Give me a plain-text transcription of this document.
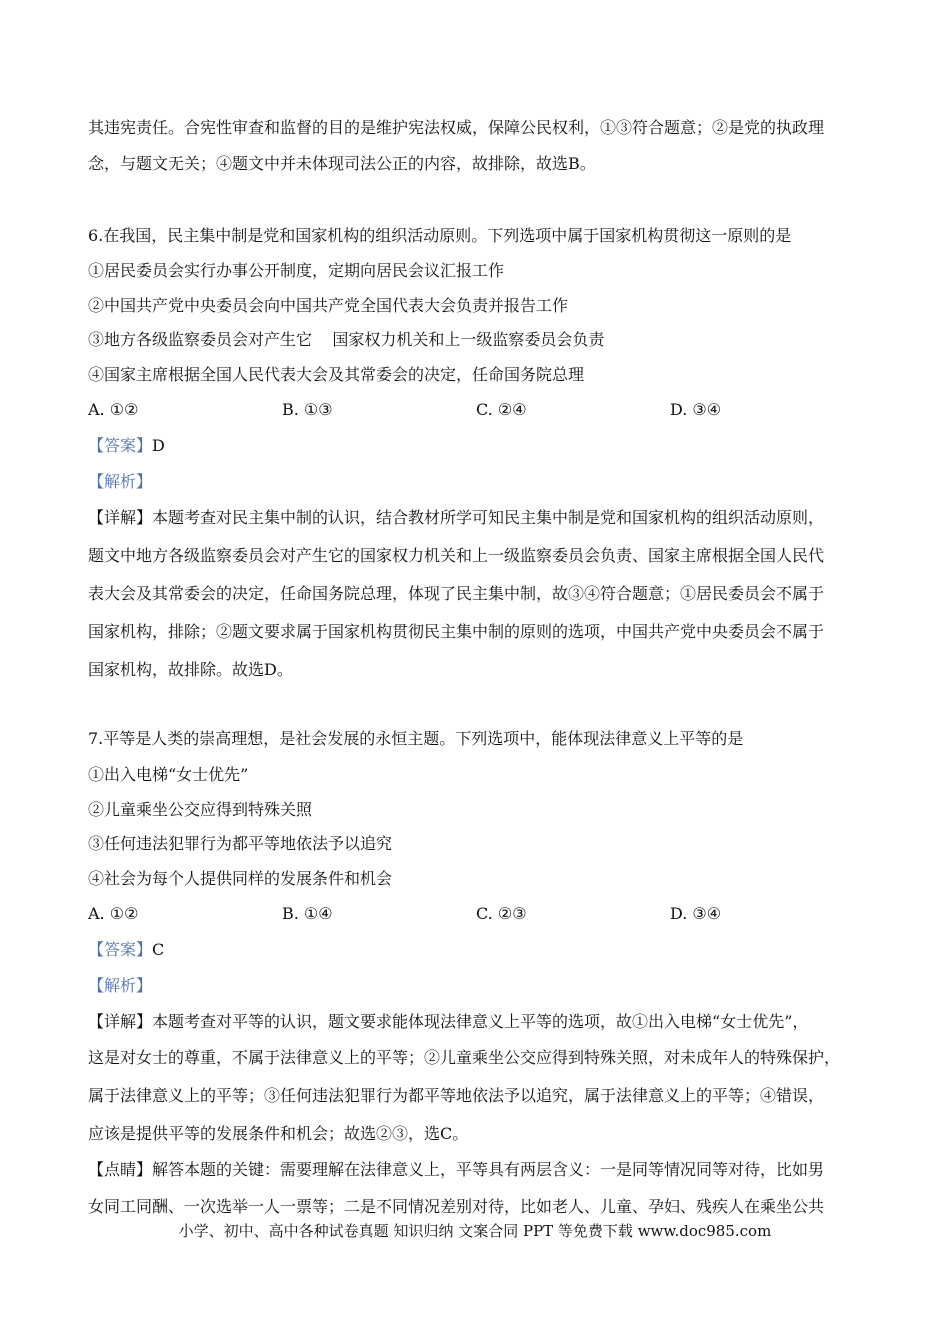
其违宪责任。合宪性审查和监督的目的是维护宪法权威，保障公民权利，①③符合题意；②是党的执政理
念，与题文无关；④题文中并未体现司法公正的内容，故排除，故选B。
6.在我国，民主集中制是党和国家机构的组织活动原则。下列选项中属于国家机构贯彻这一原则的是
①居民委员会实行办事公开制度，定期向居民会议汇报工作
②中国共产党中央委员会向中国共产党全国代表大会负责并报告工作
③地方各级监察委员会对产生它    国家权力机关和上一级监察委员会负责
④国家主席根据全国人民代表大会及其常委会的决定，任命国务院总理
A. ①②	B. ①③	C. ②④	D. ③④
【答案】D
【解析】
【详解】本题考查对民主集中制的认识，结合教材所学可知民主集中制是党和国家机构的组织活动原则，
题文中地方各级监察委员会对产生它的国家权力机关和上一级监察委员会负责、国家主席根据全国人民代
表大会及其常委会的决定，任命国务院总理，体现了民主集中制，故③④符合题意；①居民委员会不属于
国家机构，排除；②题文要求属于国家机构贯彻民主集中制的原则的选项，中国共产党中央委员会不属于
国家机构，故排除。故选D。
7.平等是人类的崇高理想，是社会发展的永恒主题。下列选项中，能体现法律意义上平等的是
①出入电梯“女士优先”
②儿童乘坐公交应得到特殊关照
③任何违法犯罪行为都平等地依法予以追究
④社会为每个人提供同样的发展条件和机会
A. ①②	B. ①④	C. ②③	D. ③④
【答案】C
【解析】
【详解】本题考查对平等的认识，题文要求能体现法律意义上平等的选项，故①出入电梯“女士优先”，
这是对女士的尊重，不属于法律意义上的平等；②儿童乘坐公交应得到特殊关照，对未成年人的特殊保护，
属于法律意义上的平等；③任何违法犯罪行为都平等地依法予以追究，属于法律意义上的平等；④错误，
应该是提供平等的发展条件和机会；故选②③，选C。
【点睛】解答本题的关键：需要理解在法律意义上，平等具有两层含义：一是同等情况同等对待，比如男
女同工同酬、一次选举一人一票等；二是不同情况差别对待，比如老人、儿童、孕妇、残疾人在乘坐公共
小学、初中、高中各种试卷真题 知识归纳 文案合同 PPT 等免费下载 www.doc985.com
